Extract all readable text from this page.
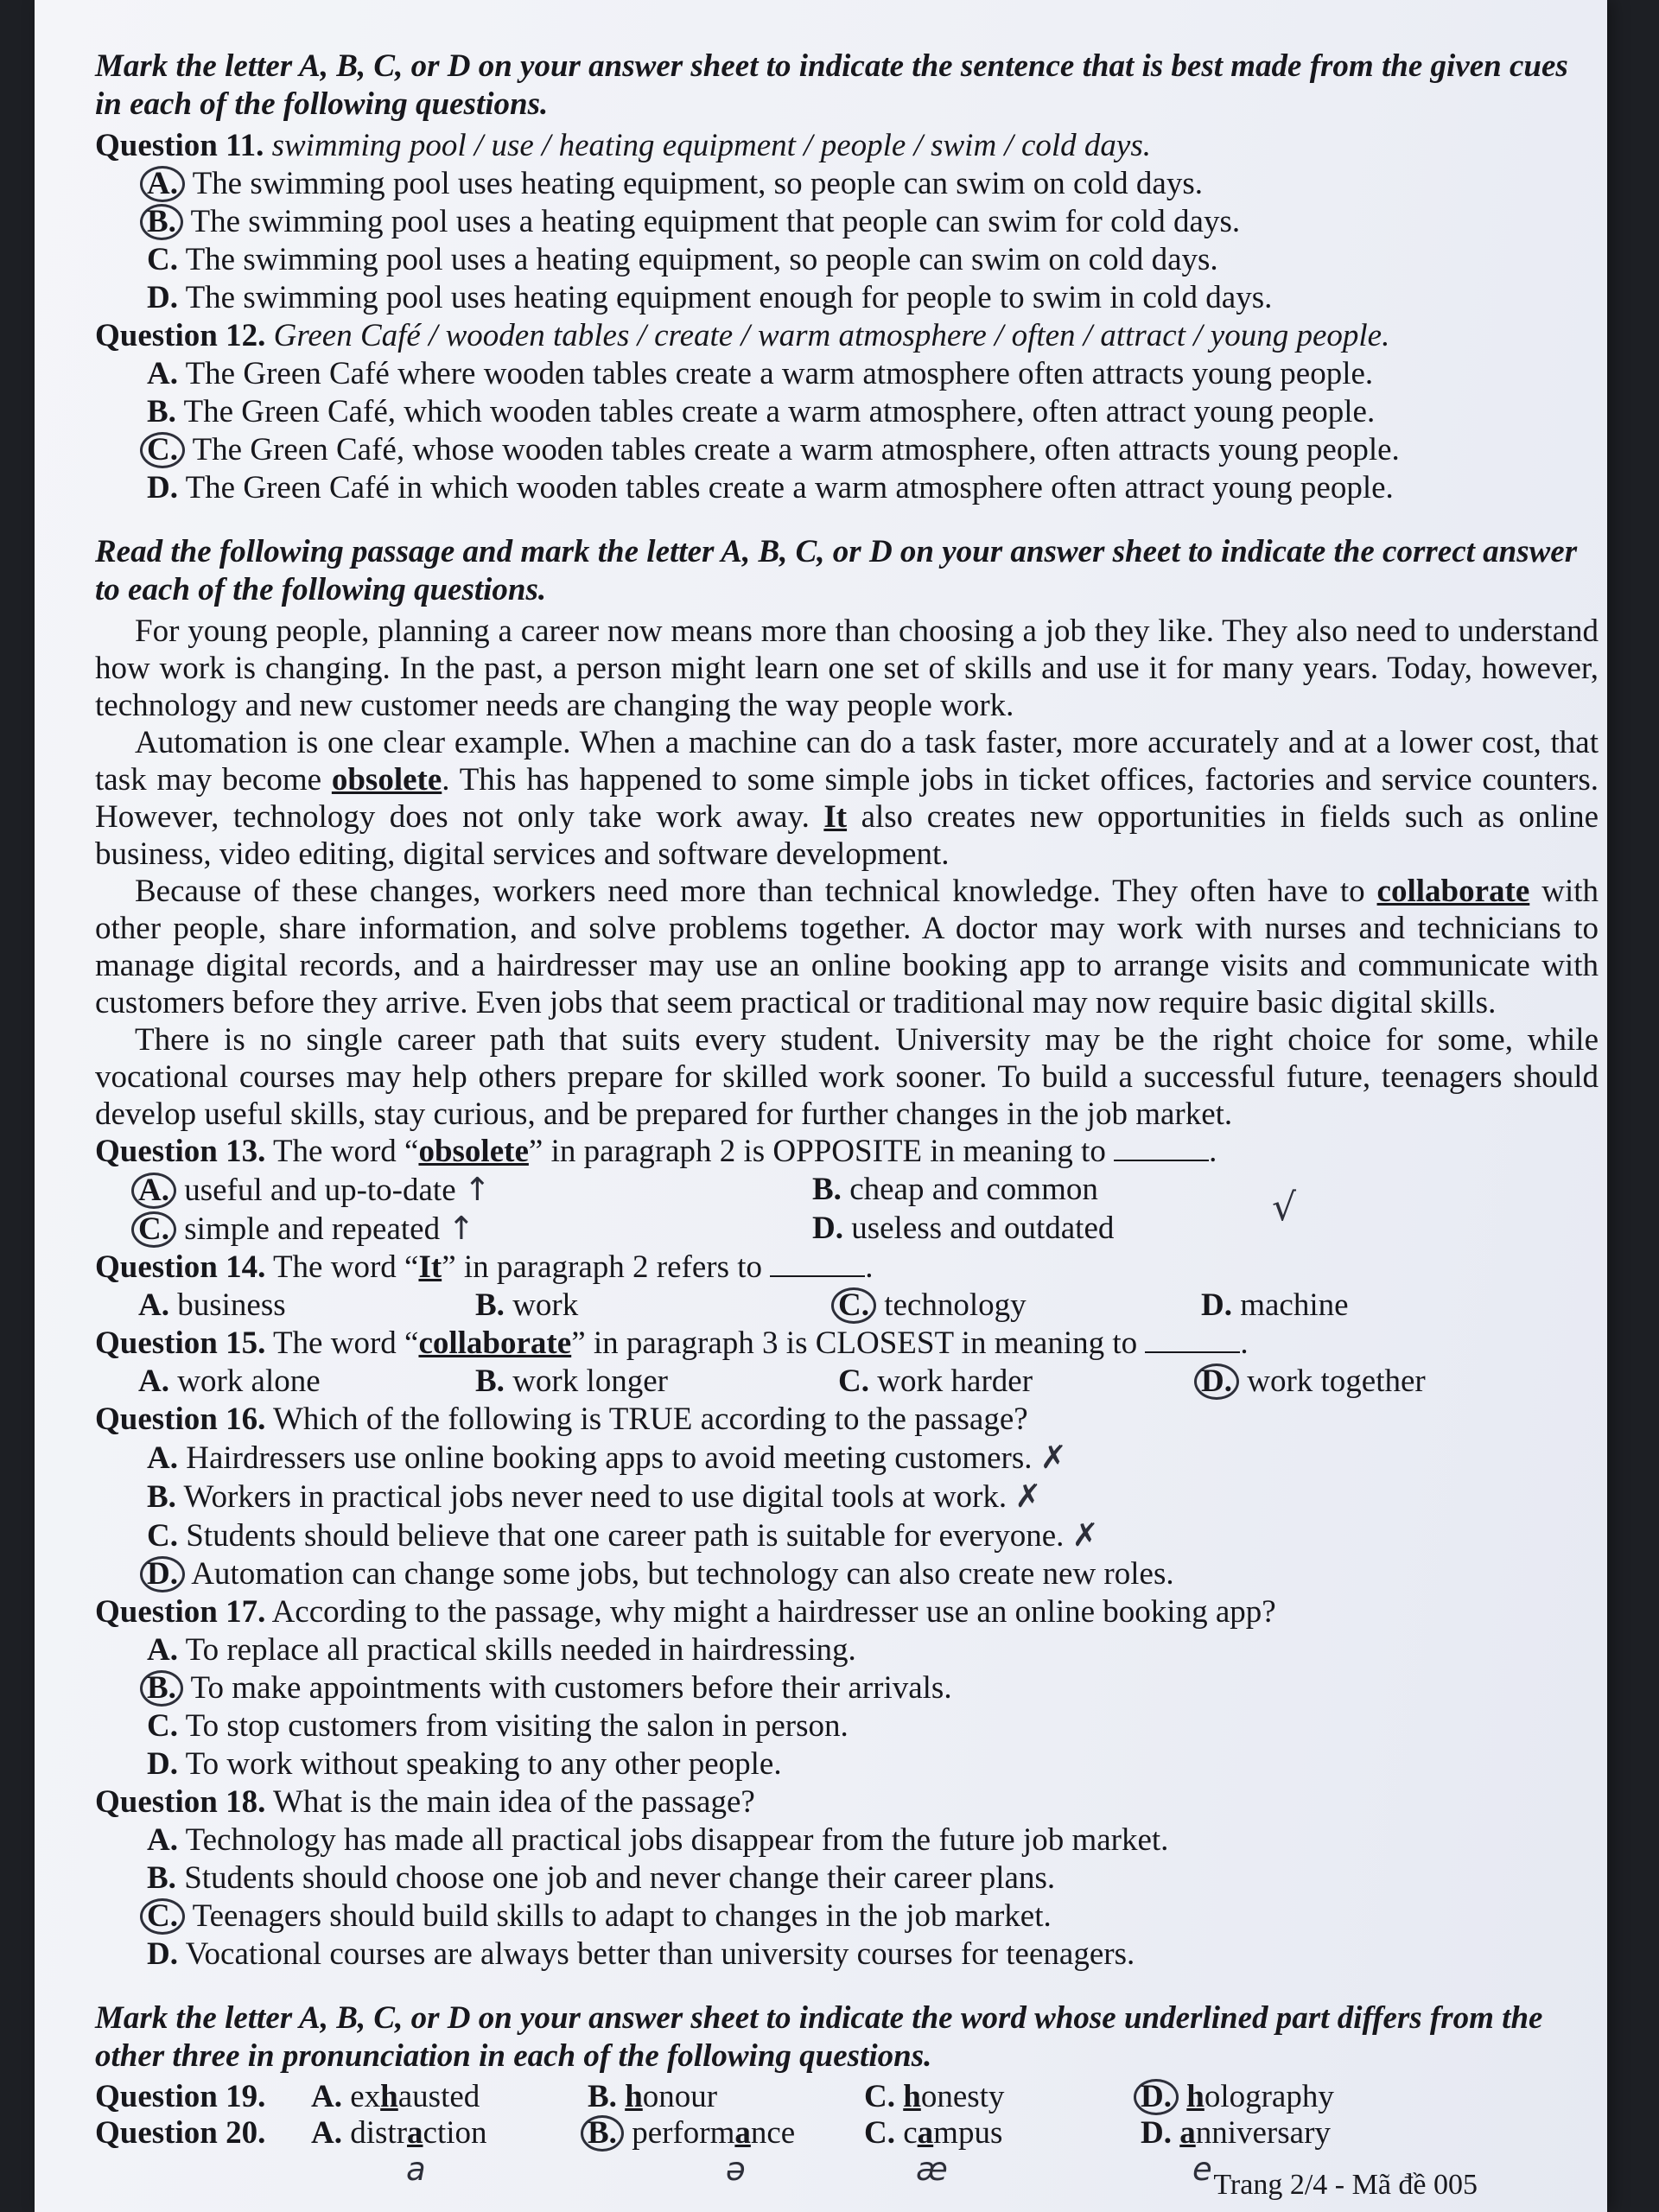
Mark the letter A, B, C, or D on your answer sheet to indicate the sentence that is best made from the given cues in each of the following questions.
Question 11. swimming pool / use / heating equipment / people / swim / cold days.
A. The swimming pool uses heating equipment, so people can swim on cold days.
B. The swimming pool uses a heating equipment that people can swim for cold days.
C. The swimming pool uses a heating equipment, so people can swim on cold days.
D. The swimming pool uses heating equipment enough for people to swim in cold days.
Question 12. Green Café / wooden tables / create / warm atmosphere / often / attract / young people.
A. The Green Café where wooden tables create a warm atmosphere often attracts young people.
B. The Green Café, which wooden tables create a warm atmosphere, often attract young people.
C. The Green Café, whose wooden tables create a warm atmosphere, often attracts young people.
D. The Green Café in which wooden tables create a warm atmosphere often attract young people.
Read the following passage and mark the letter A, B, C, or D on your answer sheet to indicate the correct answer to each of the following questions.

For young people, planning a career now means more than choosing a job they like. They also need to understand how work is changing. In the past, a person might learn one set of skills and use it for many years. Today, however, technology and new customer needs are changing the way people work.

Automation is one clear example. When a machine can do a task faster, more accurately and at a lower cost, that task may become obsolete. This has happened to some simple jobs in ticket offices, factories and service counters. However, technology does not only take work away. It also creates new opportunities in fields such as online business, video editing, digital services and software development.

Because of these changes, workers need more than technical knowledge. They often have to collaborate with other people, share information, and solve problems together. A doctor may work with nurses and technicians to manage digital records, and a hairdresser may use an online booking app to arrange visits and communicate with customers before they arrive. Even jobs that seem practical or traditional may now require basic digital skills.

There is no single career path that suits every student. University may be the right choice for some, while vocational courses may help others prepare for skilled work sooner. To build a successful future, teenagers should develop useful skills, stay curious, and be prepared for further changes in the job market.

Question 13. The word “obsolete” in paragraph 2 is OPPOSITE in meaning to	.
A. useful and up-to-date ↑	B. cheap and common
C. simple and repeated ↑	D. useless and outdated
Question 14. The word “It” in paragraph 2 refers to	.
A. business	B. work	C. technology	D. machine
Question 15. The word “collaborate” in paragraph 3 is CLOSEST in meaning to	.
A. work alone	B. work longer	C. work harder	D. work together
Question 16. Which of the following is TRUE according to the passage?
A. Hairdressers use online booking apps to avoid meeting customers. ✗
B. Workers in practical jobs never need to use digital tools at work. ✗
C. Students should believe that one career path is suitable for everyone. ✗
D. Automation can change some jobs, but technology can also create new roles.
Question 17. According to the passage, why might a hairdresser use an online booking app?
A. To replace all practical skills needed in hairdressing.
B. To make appointments with customers before their arrivals.
C. To stop customers from visiting the salon in person.
D. To work without speaking to any other people.
Question 18. What is the main idea of the passage?
A. Technology has made all practical jobs disappear from the future job market.
B. Students should choose one job and never change their career plans.
C. Teenagers should build skills to adapt to changes in the job market.
D. Vocational courses are always better than university courses for teenagers.
Mark the letter A, B, C, or D on your answer sheet to indicate the word whose underlined part differs from the other three in pronunciation in each of the following questions.
Question 19.	A. exhausted	B. honour	C. honesty	D. holography
Question 20.	A. distraction	B. performance	C. campus	D. anniversary
a	ə	æ	e
√
Trang 2/4 - Mã đề 005
